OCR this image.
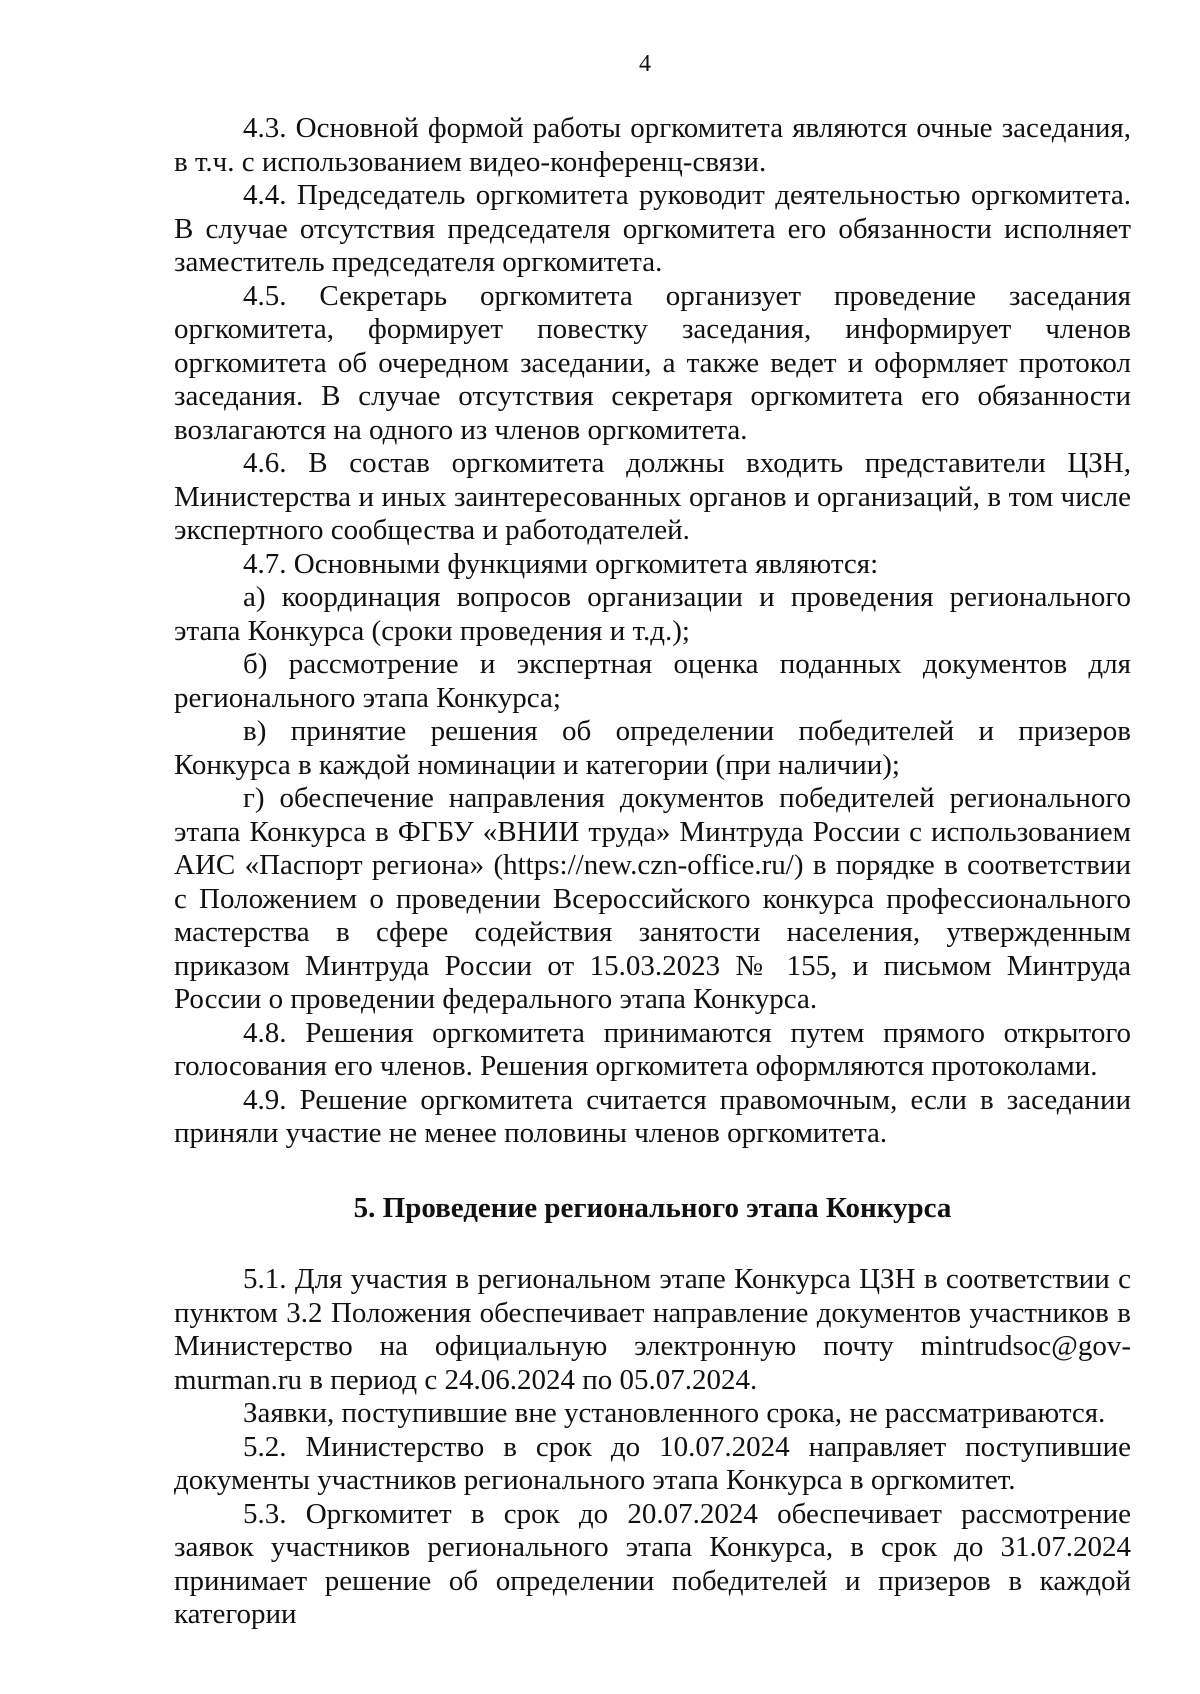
4

4.3. Основной формой работы оргкомитета являются очные заседания, в т.ч. с использованием видео-конференц-связи.

4.4. Председатель оргкомитета руководит деятельностью оргкомитета. В случае отсутствия председателя оргкомитета его обязанности исполняет заместитель председателя оргкомитета.

4.5. Секретарь оргкомитета организует проведение заседания оргкомитета, формирует повестку заседания, информирует членов оргкомитета об очередном заседании, а также ведет и оформляет протокол заседания. В случае отсутствия секретаря оргкомитета его обязанности возлагаются на одного из членов оргкомитета.

4.6. В состав оргкомитета должны входить представители ЦЗН, Министерства и иных заинтересованных органов и организаций, в том числе экспертного сообщества и работодателей.

4.7. Основными функциями оргкомитета являются:

а) координация вопросов организации и проведения регионального этапа Конкурса (сроки проведения и т.д.);

б) рассмотрение и экспертная оценка поданных документов для регионального этапа Конкурса;

в) принятие решения об определении победителей и призеров Конкурса в каждой номинации и категории (при наличии);

г) обеспечение направления документов победителей регионального этапа Конкурса в ФГБУ «ВНИИ труда» Минтруда России с использованием АИС «Паспорт региона» (https://new.czn-office.ru/) в порядке в соответствии с Положением о проведении Всероссийского конкурса профессионального мастерства в сфере содействия занятости населения, утвержденным приказом Минтруда России от 15.03.2023 № 155, и письмом Минтруда России о проведении федерального этапа Конкурса.

4.8. Решения оргкомитета принимаются путем прямого открытого голосования его членов. Решения оргкомитета оформляются протоколами.

4.9. Решение оргкомитета считается правомочным, если в заседании приняли участие не менее половины членов оргкомитета.

5. Проведение регионального этапа Конкурса

5.1. Для участия в региональном этапе Конкурса ЦЗН в соответствии с пунктом 3.2 Положения обеспечивает направление документов участников в Министерство на официальную электронную почту mintrudsoc@gov-murman.ru в период с 24.06.2024 по 05.07.2024.

Заявки, поступившие вне установленного срока, не рассматриваются.

5.2. Министерство в срок до 10.07.2024 направляет поступившие документы участников регионального этапа Конкурса в оргкомитет.

5.3. Оргкомитет в срок до 20.07.2024 обеспечивает рассмотрение заявок участников регионального этапа Конкурса, в срок до 31.07.2024 принимает решение об определении победителей и призеров в каждой категории
